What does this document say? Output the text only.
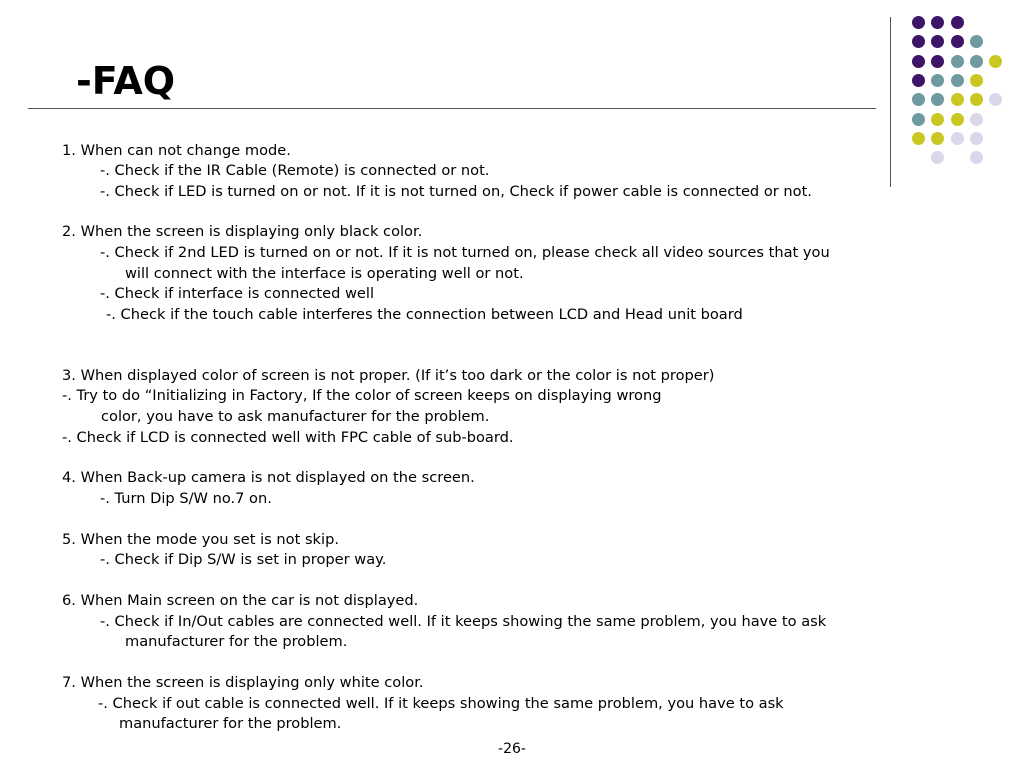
-FAQ
1. When can not change mode.
-. Check if the IR Cable (Remote) is connected or not.
-. Check if LED is turned on or not. If it is not turned on, Check if power cable is connected or not.
2. When the screen is displaying only black color.
-. Check if 2nd LED is turned on or not. If it is not turned on, please check all video sources that you
will connect with the interface is operating well or not.
-. Check if interface is connected well
-. Check if the touch cable interferes the connection between LCD and Head unit board
3. When displayed color of screen is not proper. (If it’s too dark or the color is not proper)
-. Try to do “Initializing in Factory, If the color of screen keeps on displaying wrong
color, you have to ask manufacturer for the problem.
-. Check if LCD is connected well with FPC cable of sub-board.
4. When Back-up camera is not displayed on the screen.
-. Turn Dip S/W no.7 on.
5. When the mode you set is not skip.
-. Check if Dip S/W is set in proper way.
6. When Main screen on the car is not displayed.
-. Check if In/Out cables are connected well. If it keeps showing the same problem, you have to ask
manufacturer for the problem.
7. When the screen is displaying only white color.
-. Check if out cable is connected well. If it keeps showing the same problem, you have to ask
manufacturer for the problem.
-26-
